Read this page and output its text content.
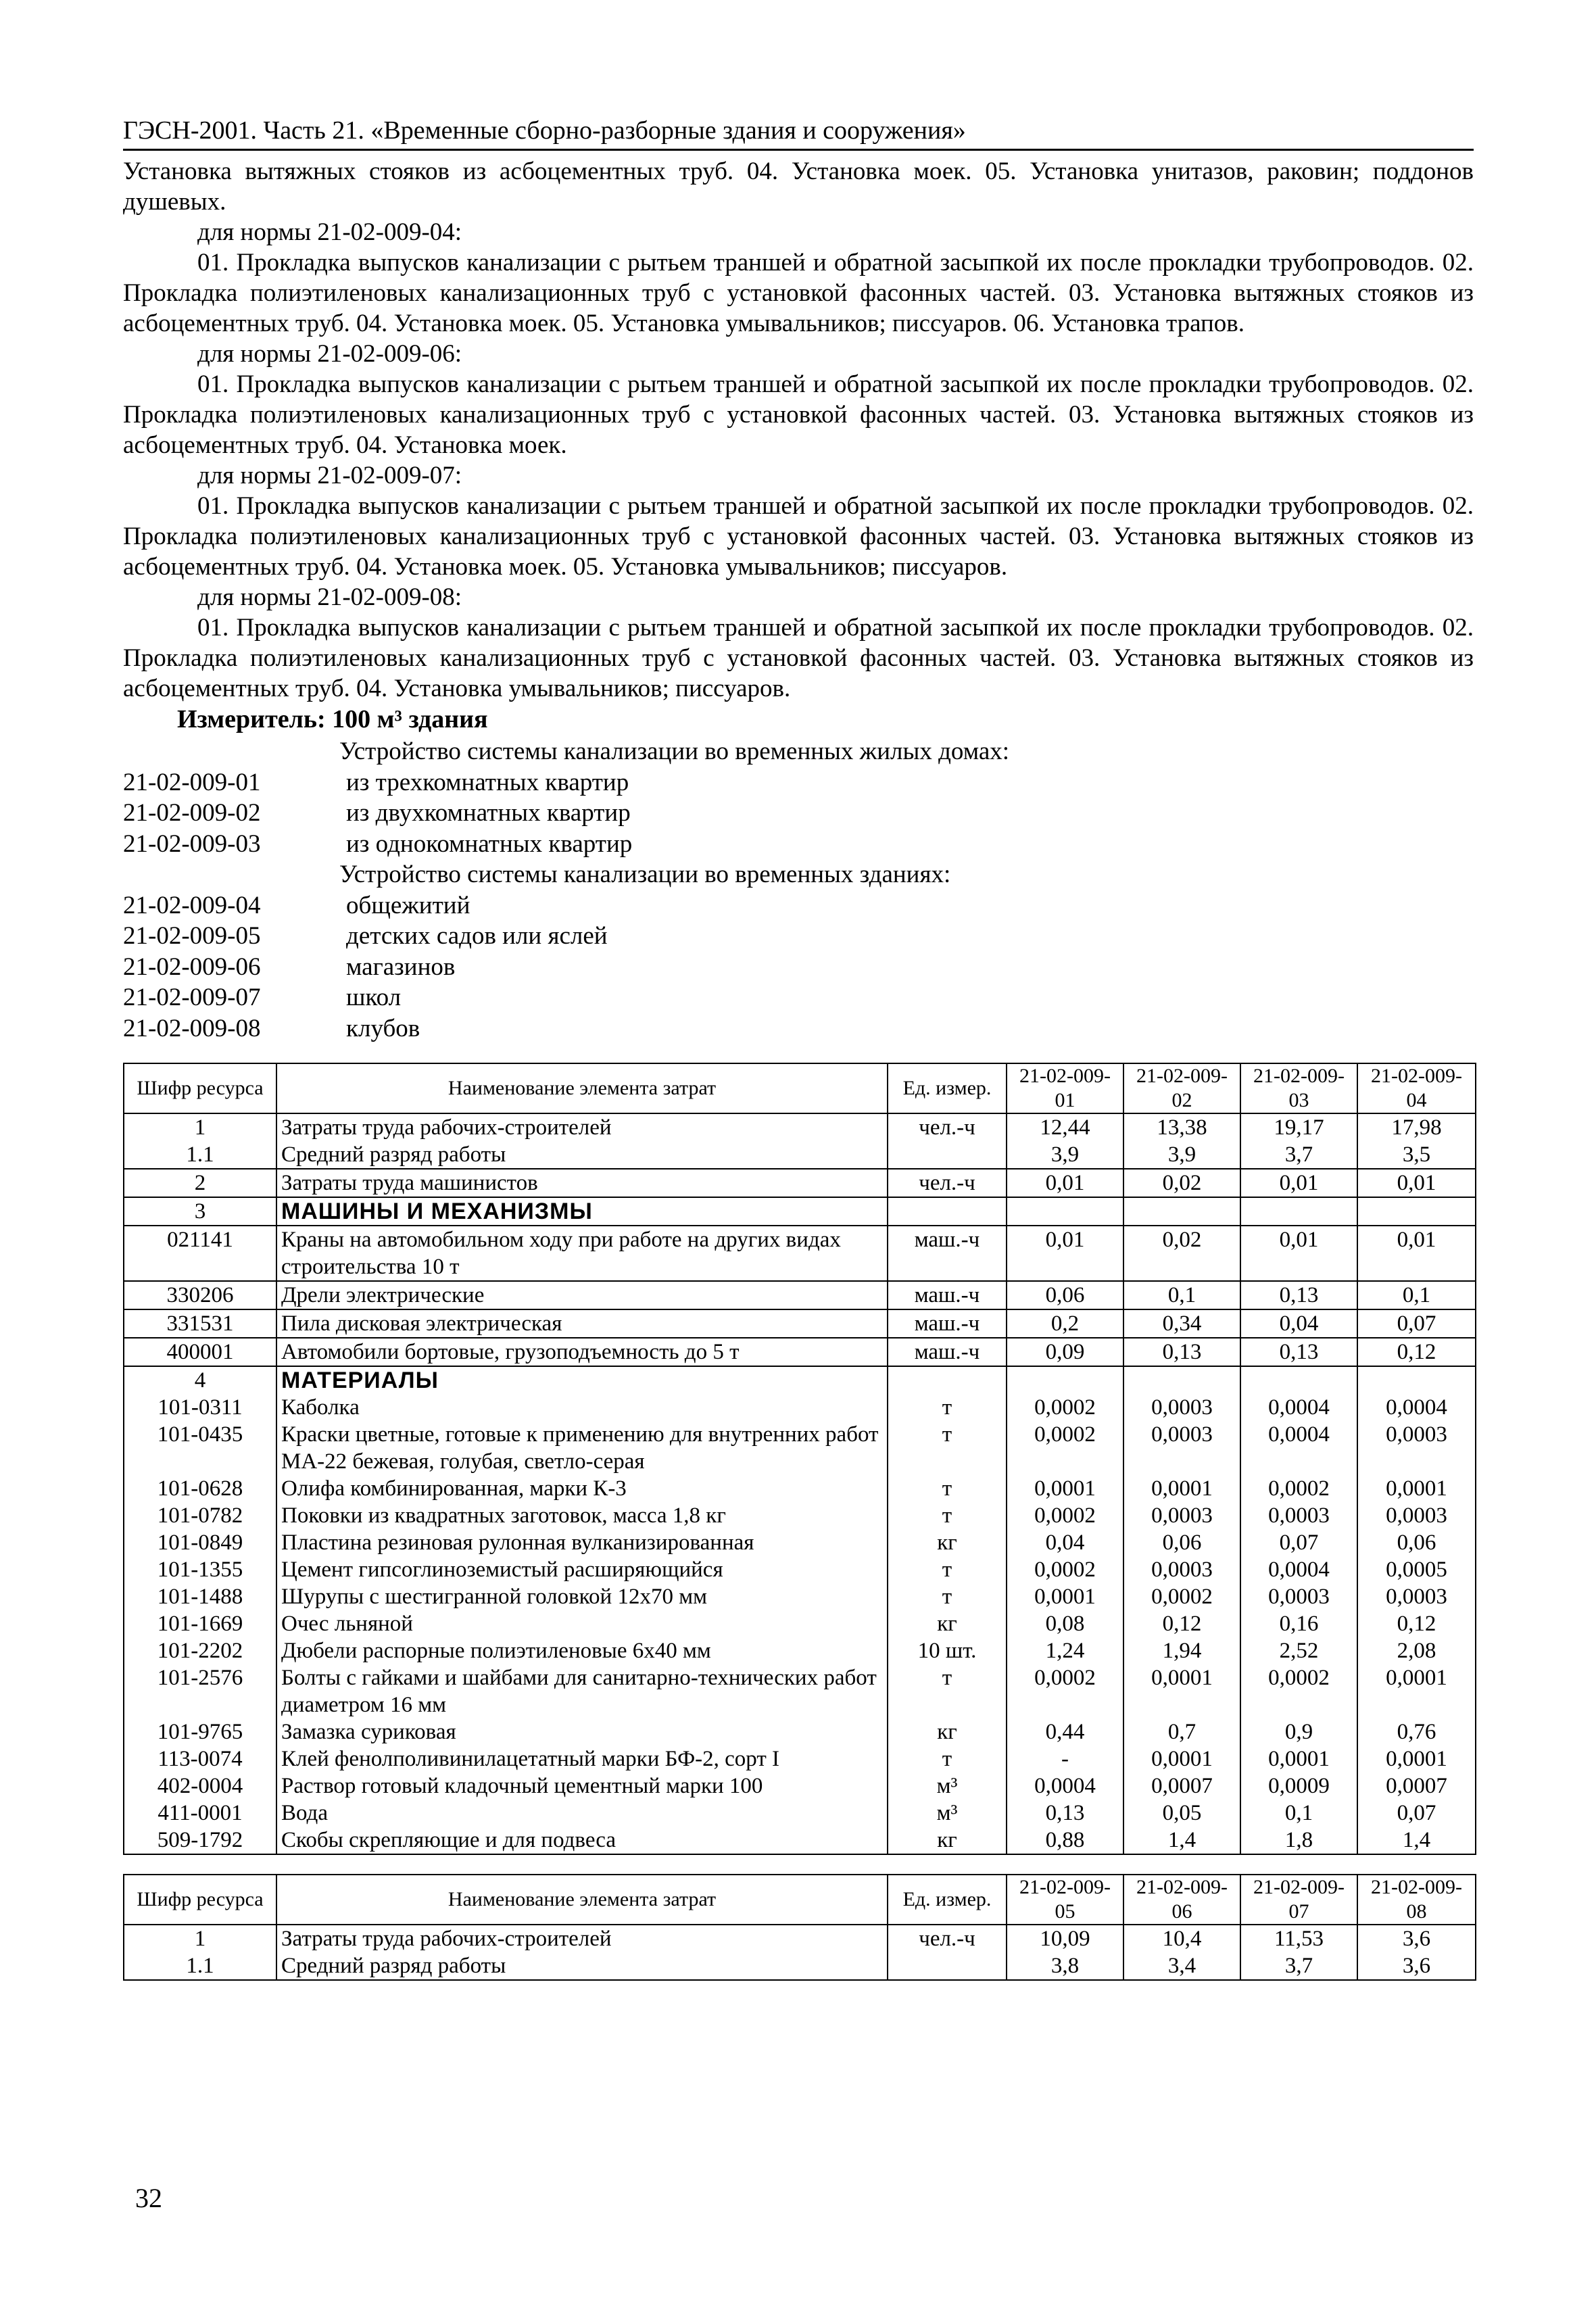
ГЭСН-2001. Часть 21. «Временные сборно-разборные здания и сооружения»

Установка вытяжных стояков из асбоцементных труб. 04. Установка моек. 05. Установка унитазов, раковин; поддонов душевых.

для нормы 21-02-009-04:

01. Прокладка выпусков канализации с рытьем траншей и обратной засыпкой их после прокладки трубопроводов. 02. Прокладка полиэтиленовых канализационных труб с установкой фасонных частей. 03. Установка вытяжных стояков из асбоцементных труб. 04. Установка моек. 05. Установка умывальников; писсуаров. 06. Установка трапов.

для нормы 21-02-009-06:

01. Прокладка выпусков канализации с рытьем траншей и обратной засыпкой их после прокладки трубопроводов. 02. Прокладка полиэтиленовых канализационных труб с установкой фасонных частей. 03. Установка вытяжных стояков из асбоцементных труб. 04. Установка моек.

для нормы 21-02-009-07:

01. Прокладка выпусков канализации с рытьем траншей и обратной засыпкой их после прокладки трубопроводов. 02. Прокладка полиэтиленовых канализационных труб с установкой фасонных частей. 03. Установка вытяжных стояков из асбоцементных труб. 04. Установка моек. 05. Установка умывальников; писсуаров.

для нормы 21-02-009-08:

01. Прокладка выпусков канализации с рытьем траншей и обратной засыпкой их после прокладки трубопроводов. 02. Прокладка полиэтиленовых канализационных труб с установкой фасонных частей. 03. Установка вытяжных стояков из асбоцементных труб. 04. Установка умывальников; писсуаров.

Измеритель: 100 м³ здания

Устройство системы канализации во временных жилых домах:
21-02-009-01	из трехкомнатных квартир
21-02-009-02	из двухкомнатных квартир
21-02-009-03	из однокомнатных квартир
Устройство системы канализации во временных зданиях:
21-02-009-04	общежитий
21-02-009-05	детских садов или яслей
21-02-009-06	магазинов
21-02-009-07	школ
21-02-009-08	клубов
Шифр ресурса	Наименование элемента затрат	Ед. измер.	21-02-009-01	21-02-009-02	21-02-009-03	21-02-009-04
1	Затраты труда рабочих-строителей	чел.-ч	12,44	13,38	19,17	17,98
1.1	Средний разряд работы		3,9	3,9	3,7	3,5
2	Затраты труда машинистов	чел.-ч	0,01	0,02	0,01	0,01
3	МАШИНЫ И МЕХАНИЗМЫ					
021141	Краны на автомобильном ходу при работе на других видах строительства 10 т	маш.-ч	0,01	0,02	0,01	0,01
330206	Дрели электрические	маш.-ч	0,06	0,1	0,13	0,1
331531	Пила дисковая электрическая	маш.-ч	0,2	0,34	0,04	0,07
400001	Автомобили бортовые, грузоподъемность до 5 т	маш.-ч	0,09	0,13	0,13	0,12
4	МАТЕРИАЛЫ					
101-0311	Каболка	т	0,0002	0,0003	0,0004	0,0004
101-0435	Краски цветные, готовые к применению для внутренних работ МА-22 бежевая, голубая, светло-серая	т	0,0002	0,0003	0,0004	0,0003
101-0628	Олифа комбинированная, марки К-3	т	0,0001	0,0001	0,0002	0,0001
101-0782	Поковки из квадратных заготовок, масса 1,8 кг	т	0,0002	0,0003	0,0003	0,0003
101-0849	Пластина резиновая рулонная вулканизированная	кг	0,04	0,06	0,07	0,06
101-1355	Цемент гипсоглиноземистый расширяющийся	т	0,0002	0,0003	0,0004	0,0005
101-1488	Шурупы с шестигранной головкой 12х70 мм	т	0,0001	0,0002	0,0003	0,0003
101-1669	Очес льняной	кг	0,08	0,12	0,16	0,12
101-2202	Дюбели распорные полиэтиленовые 6х40 мм	10 шт.	1,24	1,94	2,52	2,08
101-2576	Болты с гайками и шайбами для санитарно-технических работ диаметром 16 мм	т	0,0002	0,0001	0,0002	0,0001
101-9765	Замазка суриковая	кг	0,44	0,7	0,9	0,76
113-0074	Клей фенолполивинилацетатный марки БФ-2, сорт I	т	-	0,0001	0,0001	0,0001
402-0004	Раствор готовый кладочный цементный марки 100	м³	0,0004	0,0007	0,0009	0,0007
411-0001	Вода	м³	0,13	0,05	0,1	0,07
509-1792	Скобы скрепляющие и для подвеса	кг	0,88	1,4	1,8	1,4
Шифр ресурса	Наименование элемента затрат	Ед. измер.	21-02-009-05	21-02-009-06	21-02-009-07	21-02-009-08
1	Затраты труда рабочих-строителей	чел.-ч	10,09	10,4	11,53	3,6
1.1	Средний разряд работы		3,8	3,4	3,7	3,6
32
